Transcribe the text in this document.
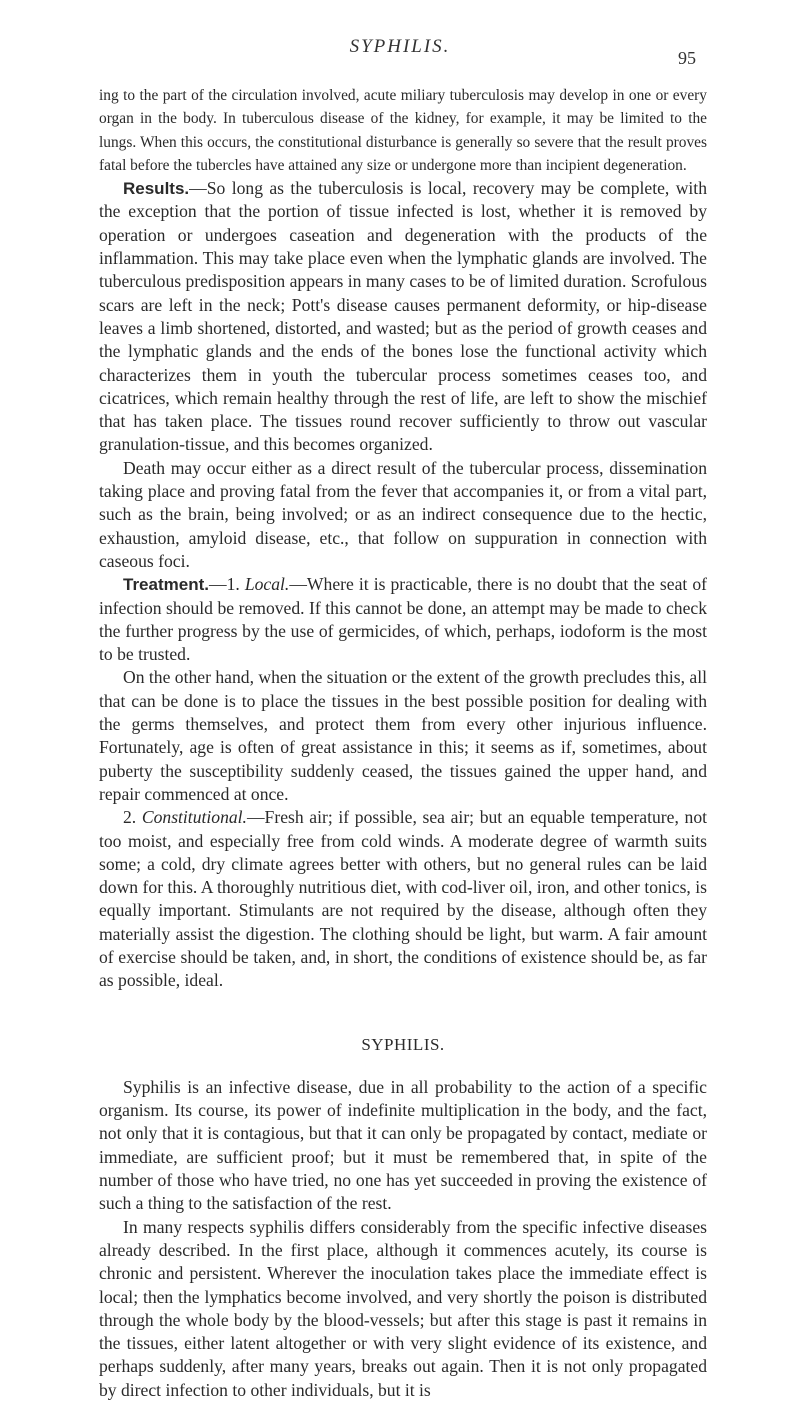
SYPHILIS.
95

ing to the part of the circulation involved, acute miliary tuberculosis may develop in one or every organ in the body. In tuberculous disease of the kidney, for example, it may be limited to the lungs. When this occurs, the constitutional disturbance is generally so severe that the result proves fatal before the tubercles have attained any size or undergone more than incipient degeneration.

Results.—So long as the tuberculosis is local, recovery may be complete, with the exception that the portion of tissue infected is lost, whether it is removed by operation or undergoes caseation and degeneration with the products of the inflammation. This may take place even when the lymphatic glands are involved. The tuberculous predisposition appears in many cases to be of limited duration. Scrofulous scars are left in the neck; Pott's disease causes permanent deformity, or hip-disease leaves a limb shortened, distorted, and wasted; but as the period of growth ceases and the lymphatic glands and the ends of the bones lose the functional activity which characterizes them in youth the tubercular process sometimes ceases too, and cicatrices, which remain healthy through the rest of life, are left to show the mischief that has taken place. The tissues round recover sufficiently to throw out vascular granulation-tissue, and this becomes organized.

Death may occur either as a direct result of the tubercular process, dissemination taking place and proving fatal from the fever that accompanies it, or from a vital part, such as the brain, being involved; or as an indirect consequence due to the hectic, exhaustion, amyloid disease, etc., that follow on suppuration in connection with caseous foci.

Treatment.—1. Local.—Where it is practicable, there is no doubt that the seat of infection should be removed. If this cannot be done, an attempt may be made to check the further progress by the use of germicides, of which, perhaps, iodoform is the most to be trusted.

On the other hand, when the situation or the extent of the growth precludes this, all that can be done is to place the tissues in the best possible position for dealing with the germs themselves, and protect them from every other injurious influence. Fortunately, age is often of great assistance in this; it seems as if, sometimes, about puberty the susceptibility suddenly ceased, the tissues gained the upper hand, and repair commenced at once.

2. Constitutional.—Fresh air; if possible, sea air; but an equable temperature, not too moist, and especially free from cold winds. A moderate degree of warmth suits some; a cold, dry climate agrees better with others, but no general rules can be laid down for this. A thoroughly nutritious diet, with cod-liver oil, iron, and other tonics, is equally important. Stimulants are not required by the disease, although often they materially assist the digestion. The clothing should be light, but warm. A fair amount of exercise should be taken, and, in short, the conditions of existence should be, as far as possible, ideal.

SYPHILIS.

Syphilis is an infective disease, due in all probability to the action of a specific organism. Its course, its power of indefinite multiplication in the body, and the fact, not only that it is contagious, but that it can only be propagated by contact, mediate or immediate, are sufficient proof; but it must be remembered that, in spite of the number of those who have tried, no one has yet succeeded in proving the existence of such a thing to the satisfaction of the rest.

In many respects syphilis differs considerably from the specific infective diseases already described. In the first place, although it commences acutely, its course is chronic and persistent. Wherever the inoculation takes place the immediate effect is local; then the lymphatics become involved, and very shortly the poison is distributed through the whole body by the blood-vessels; but after this stage is past it remains in the tissues, either latent altogether or with very slight evidence of its existence, and perhaps suddenly, after many years, breaks out again. Then it is not only propagated by direct infection to other individuals, but it is
